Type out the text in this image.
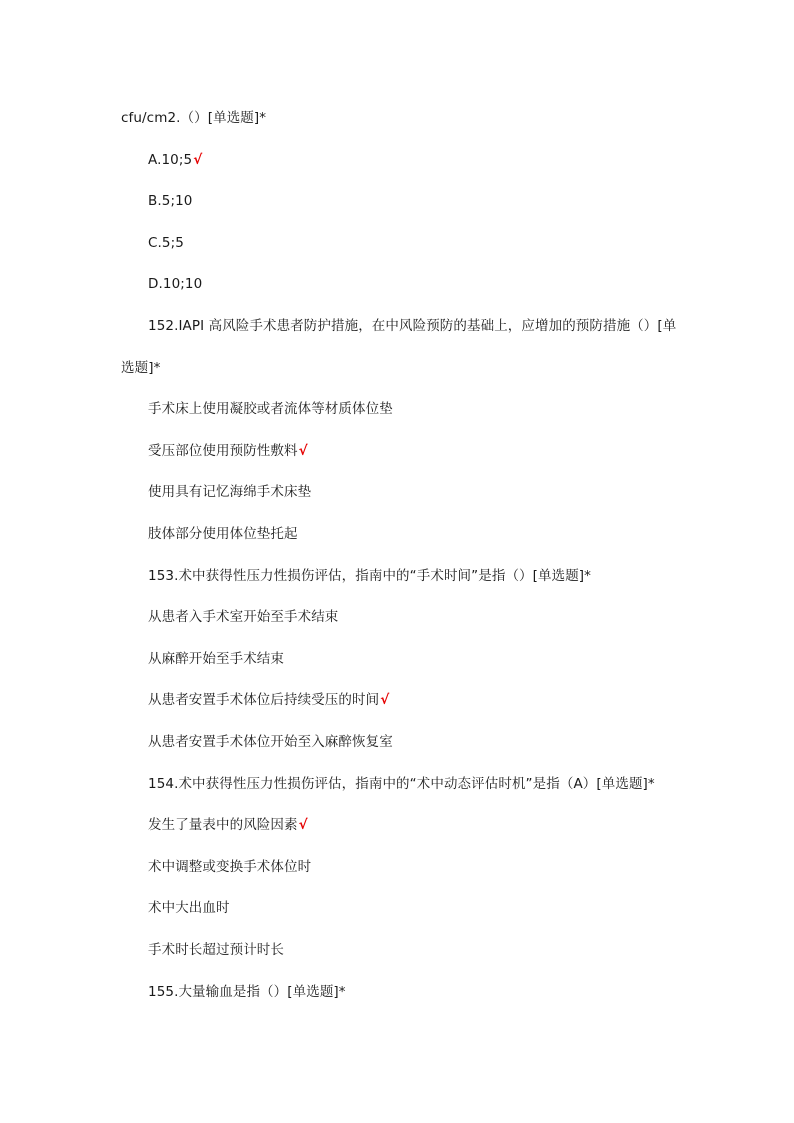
cfu/cm2.（）[单选题]*
A.10;5√
B.5;10
C.5;5
D.10;10
152.IAPI 高风险手术患者防护措施，在中风险预防的基础上，应增加的预防措施（）[单
选题]*
手术床上使用凝胶或者流体等材质体位垫
受压部位使用预防性敷料√
使用具有记忆海绵手术床垫
肢体部分使用体位垫托起
153.术中获得性压力性损伤评估，指南中的“手术时间”是指（）[单选题]*
从患者入手术室开始至手术结束
从麻醉开始至手术结束
从患者安置手术体位后持续受压的时间√
从患者安置手术体位开始至入麻醉恢复室
154.术中获得性压力性损伤评估，指南中的“术中动态评估时机”是指（A）[单选题]*
发生了量表中的风险因素√
术中调整或变换手术体位时
术中大出血时
手术时长超过预计时长
155.大量输血是指（）[单选题]*
